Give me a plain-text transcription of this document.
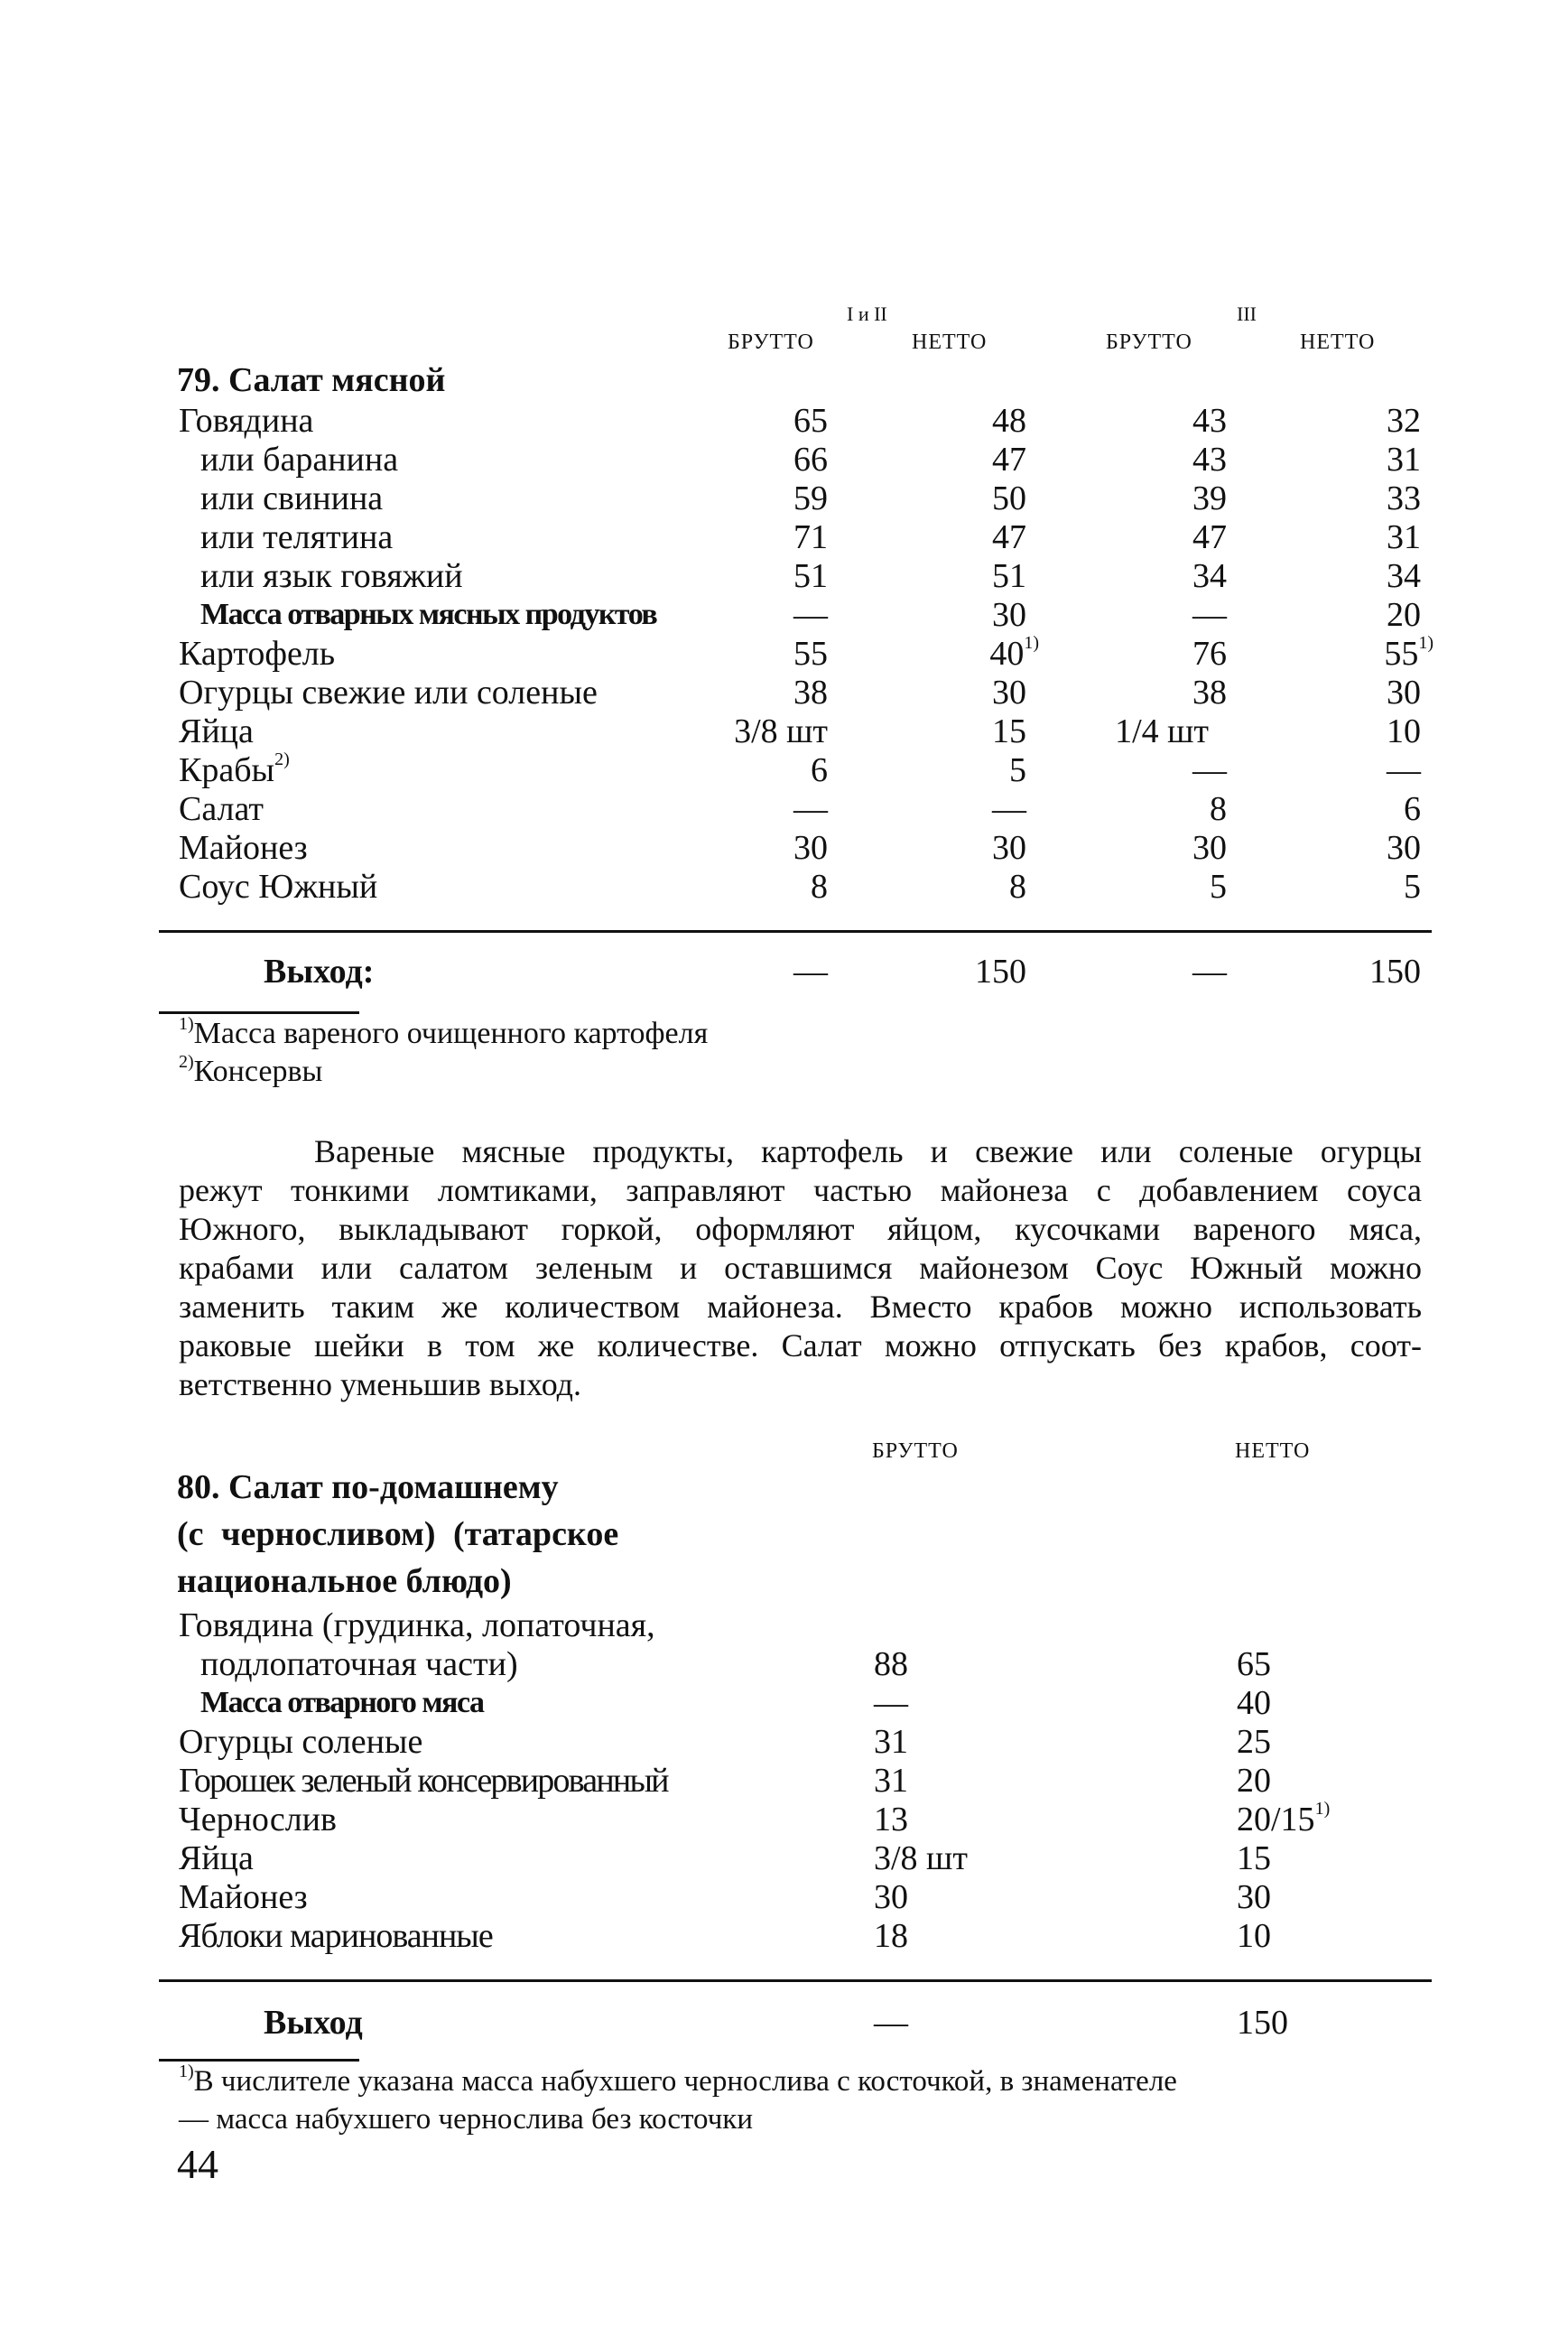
I и II	III
БРУТТО	НЕТТО	БРУТТО	НЕТТО
79. Салат мясной
Говядина	65	48	43	32
или баранина	66	47	43	31
или свинина	59	50	39	33
или телятина	71	47	47	31
или язык говяжий	51	51	34	34
Масса отварных мясных продуктов	—	30	—	20
Картофель	55	40$^{1)}$	76	55$^{1)}$
Огурцы свежие или соленые	38	30	38	30
Яйца	3/8 шт	15	1/4 шт	10
Крабы$^{2)}$	6	5	—	—
Салат	—	—	8	6
Майонез	30	30	30	30
Соус Южный	8	8	5	5
Выход:	—	150	—	150
$^{1)}$Масса вареного очищенного картофеля
$^{2)}$Консервы
Вареные мясные продукты, картофель и свежие или соленые огурцы
режут тонкими ломтиками, заправляют частью майонеза с добавлением соуса
Южного, выкладывают горкой, оформляют яйцом, кусочками вареного мяса,
крабами или салатом зеленым и оставшимся майонезом Соус Южный можно
заменить таким же количеством майонеза. Вместо крабов можно использовать
раковые шейки в том же количестве. Салат можно отпускать без крабов, соот-
ветственно уменьшив выход.
БРУТТО	НЕТТО
80. Салат по-домашнему
(с черносливом) (татарское
национальное блюдо)
Говядина (грудинка, лопаточная,
подлопаточная части)	88	65
Масса отварного мяса	—	40
Огурцы соленые	31	25
Горошек зеленый консервированный	31	20
Чернослив	13	20/15$^{1)}$
Яйца	3/8 шт	15
Майонез	30	30
Яблоки маринованные	18	10
Выход	—	150
$^{1)}$В числителе указана масса набухшего чернослива с косточкой, в знаменателе
— масса набухшего чернослива без косточки
44
